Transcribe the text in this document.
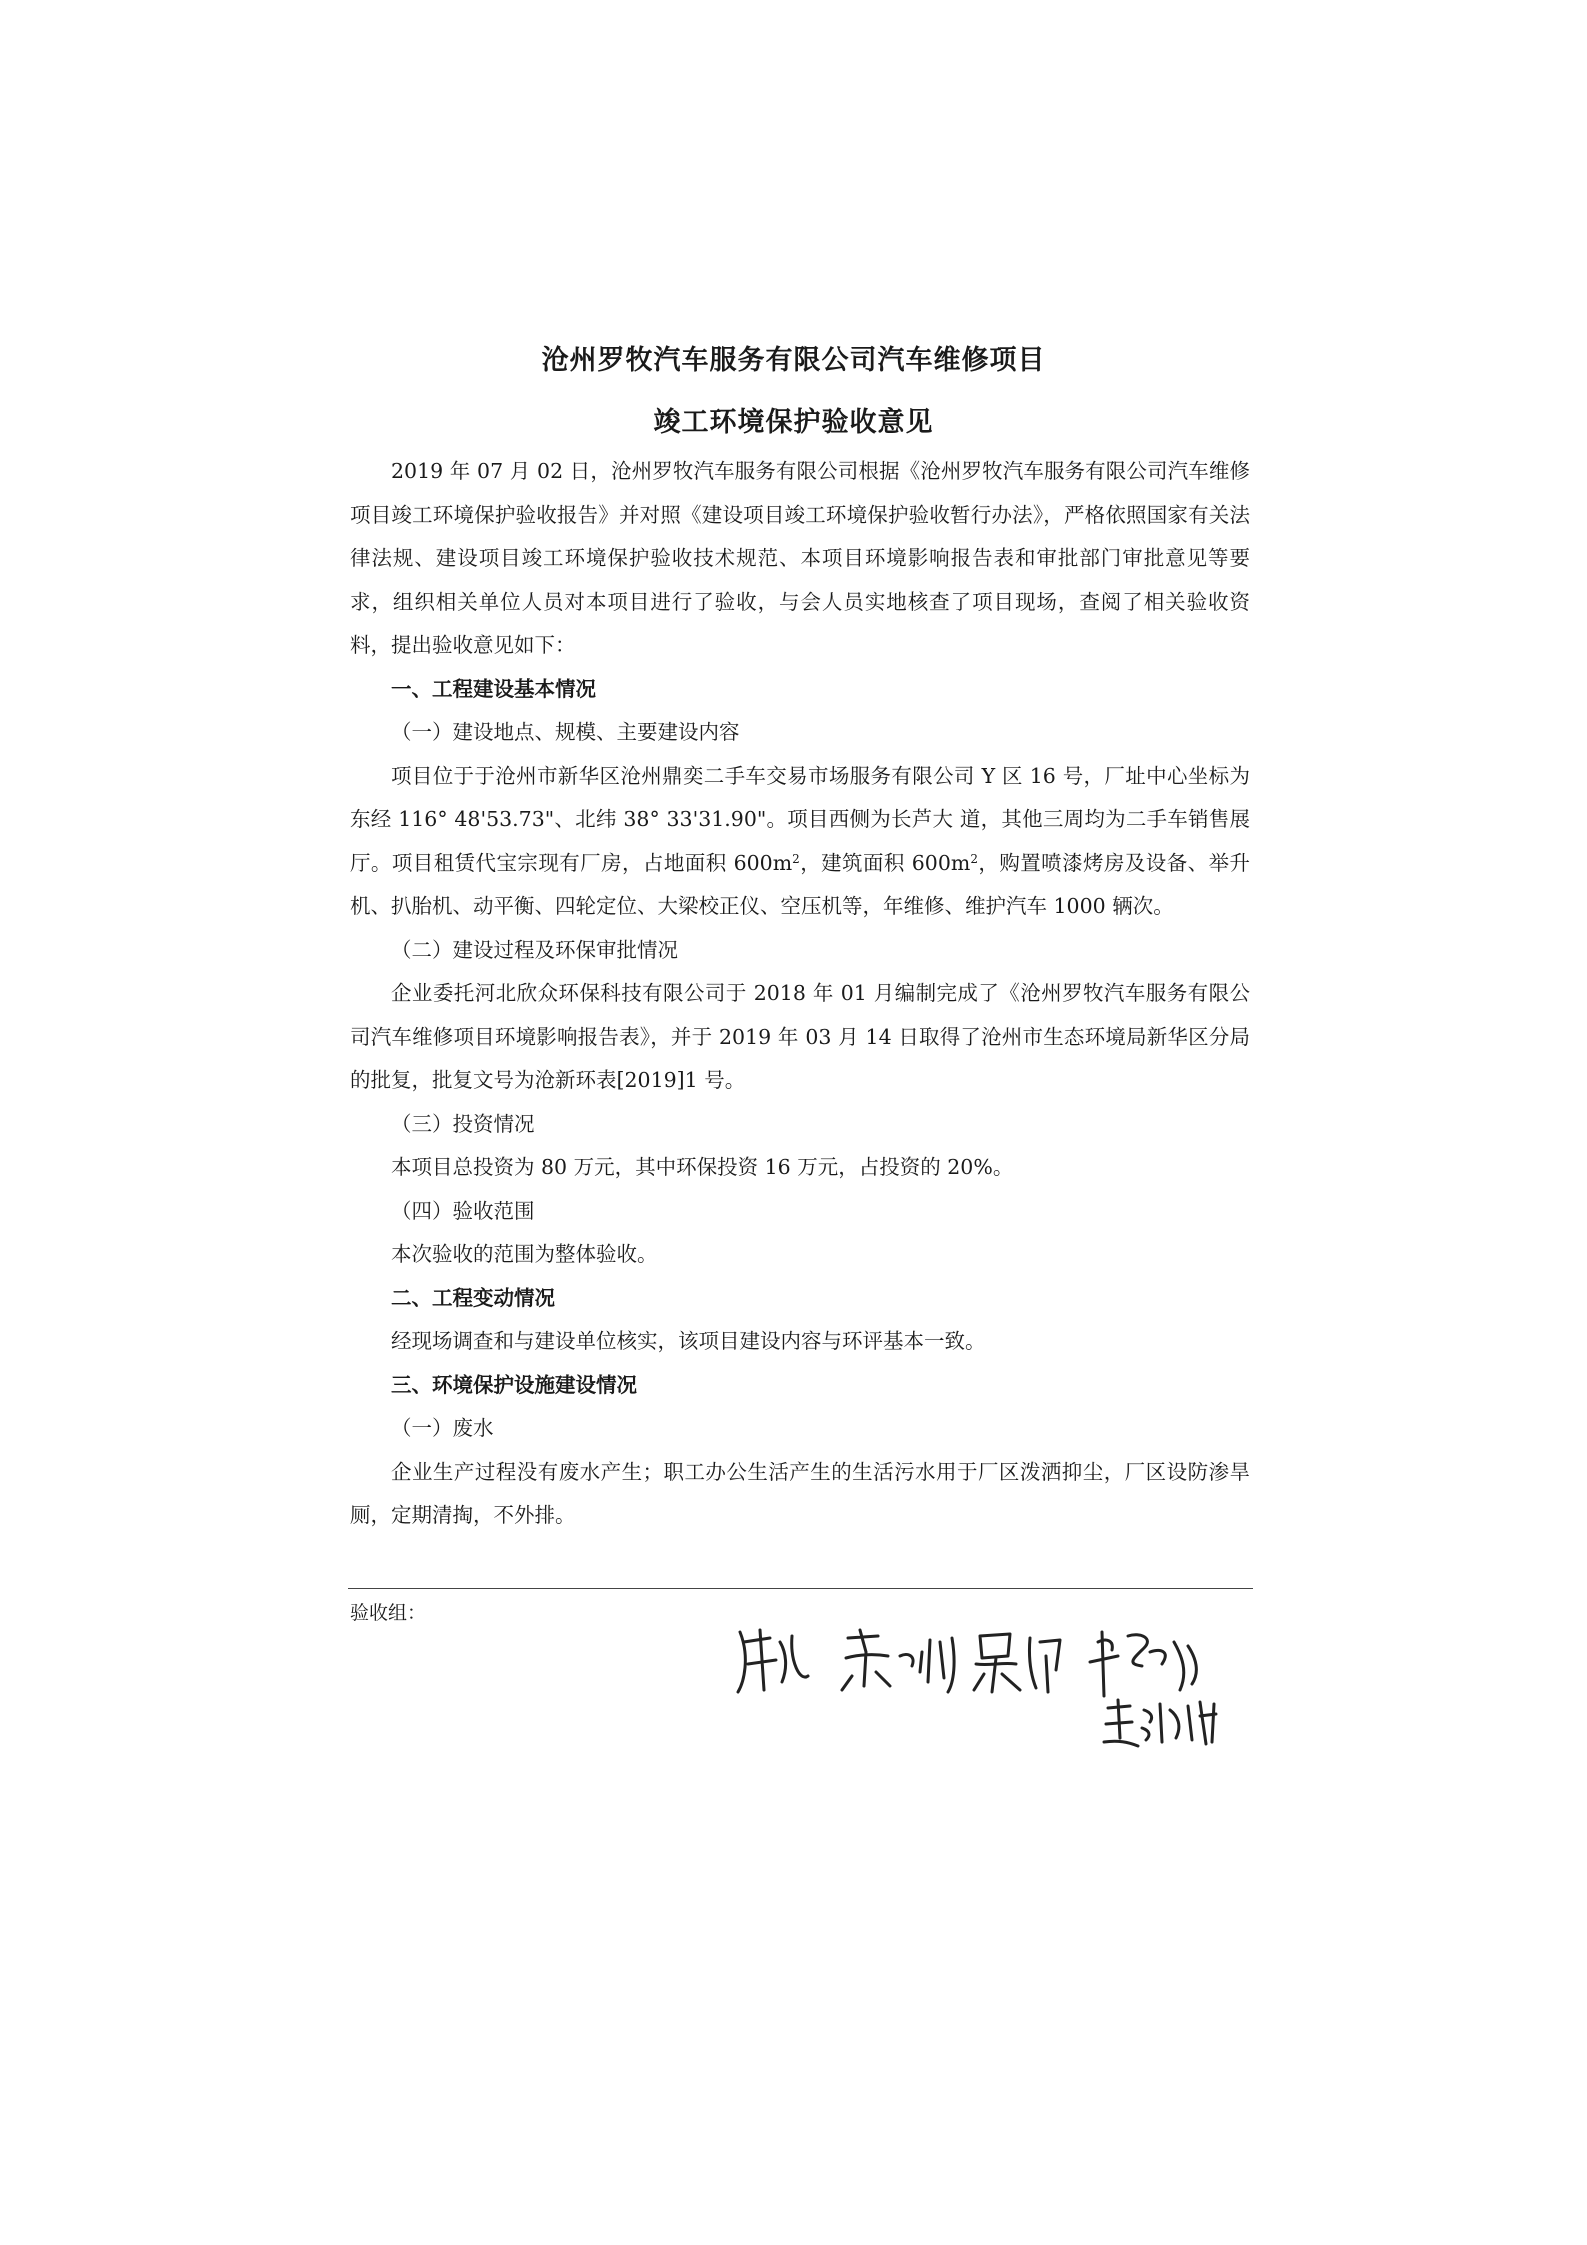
沧州罗牧汽车服务有限公司汽车维修项目
竣工环境保护验收意见

2019 年 07 月 02 日，沧州罗牧汽车服务有限公司根据《沧州罗牧汽车服务有限公司汽车维修项目竣工环境保护验收报告》并对照《建设项目竣工环境保护验收暂行办法》，严格依照国家有关法律法规、建设项目竣工环境保护验收技术规范、本项目环境影响报告表和审批部门审批意见等要求，组织相关单位人员对本项目进行了验收，与会人员实地核查了项目现场，查阅了相关验收资料，提出验收意见如下：

一、工程建设基本情况

（一）建设地点、规模、主要建设内容

项目位于于沧州市新华区沧州鼎奕二手车交易市场服务有限公司 Y 区 16 号，厂址中心坐标为东经 116° 48'53.73"、北纬 38° 33'31.90"。项目西侧为长芦大 道，其他三周均为二手车销售展厅。项目租赁代宝宗现有厂房，占地面积 $600m^2$，建筑面积 $600m^2$，购置喷漆烤房及设备、举升机、扒胎机、动平衡、四轮定位、大梁校正仪、空压机等，年维修、维护汽车 1000 辆次。

（二）建设过程及环保审批情况

企业委托河北欣众环保科技有限公司于 2018 年 01 月编制完成了《沧州罗牧汽车服务有限公司汽车维修项目环境影响报告表》，并于 2019 年 03 月 14 日取得了沧州市生态环境局新华区分局的批复，批复文号为沧新环表[2019]1 号。

（三）投资情况

本项目总投资为 80 万元，其中环保投资 16 万元，占投资的 20%。

（四）验收范围

本次验收的范围为整体验收。

二、工程变动情况

经现场调查和与建设单位核实，该项目建设内容与环评基本一致。

三、环境保护设施建设情况

（一）废水

企业生产过程没有废水产生；职工办公生活产生的生活污水用于厂区泼洒抑尘，厂区设防渗旱厕，定期清掏，不外排。

验收组：
